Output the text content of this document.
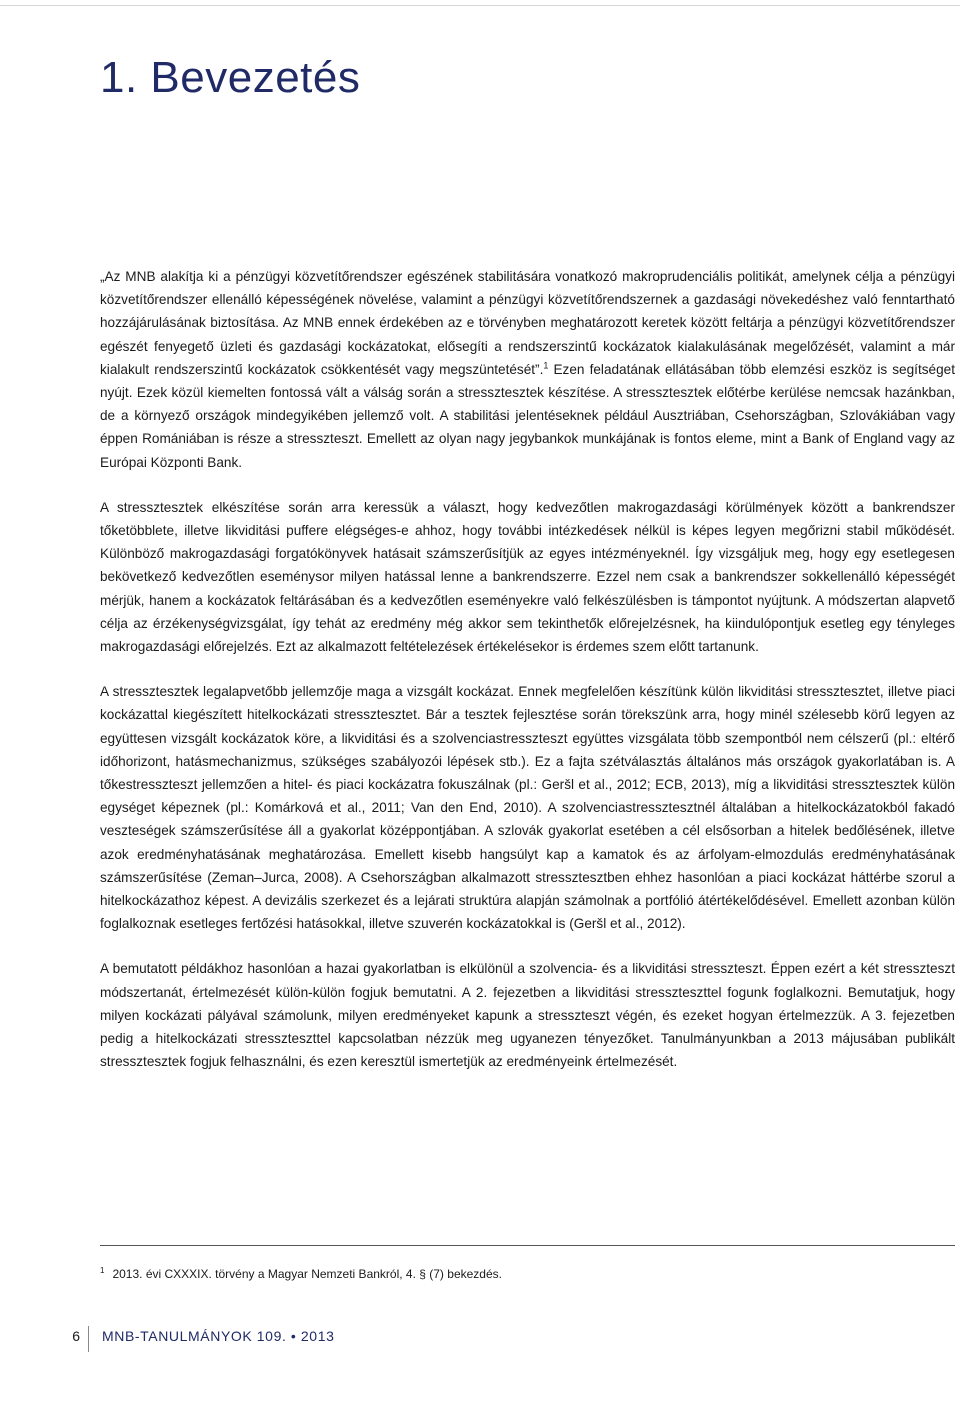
1. Bevezetés

„Az MNB alakítja ki a pénzügyi közvetítőrendszer egészének stabilitására vonatkozó makroprudenciális politikát, amelynek célja a pénzügyi közvetítőrendszer ellenálló képességének növelése, valamint a pénzügyi közvetítőrendszernek a gazdasági növekedéshez való fenntartható hozzájárulásának biztosítása. Az MNB ennek érdekében az e törvényben meghatározott keretek között feltárja a pénzügyi közvetítőrendszer egészét fenyegető üzleti és gazdasági kockázatokat, elősegíti a rendszerszintű kockázatok kialakulásának megelőzését, valamint a már kialakult rendszerszintű kockázatok csökkentését vagy megszüntetését”.$^1$ Ezen feladatának ellátásában több elemzési eszköz is segítséget nyújt. Ezek közül kiemelten fontossá vált a válság során a stressztesztek készítése. A stressztesztek előtérbe kerülése nemcsak hazánkban, de a környező országok mindegyikében jellemző volt. A stabilitási jelentéseknek például Ausztriában, Csehországban, Szlovákiában vagy éppen Romániában is része a stresszteszt. Emellett az olyan nagy jegybankok munkájának is fontos eleme, mint a Bank of England vagy az Európai Központi Bank.

A stressztesztek elkészítése során arra keressük a választ, hogy kedvezőtlen makrogazdasági körülmények között a bankrendszer tőketöbblete, illetve likviditási puffere elégséges-e ahhoz, hogy további intézkedések nélkül is képes legyen megőrizni stabil működését. Különböző makrogazdasági forgatókönyvek hatásait számszerűsítjük az egyes intézményeknél. Így vizsgáljuk meg, hogy egy esetlegesen bekövetkező kedvezőtlen eseménysor milyen hatással lenne a bankrendszerre. Ezzel nem csak a bankrendszer sokkellenálló képességét mérjük, hanem a kockázatok feltárásában és a kedvezőtlen eseményekre való felkészülésben is támpontot nyújtunk. A módszertan alapvető célja az érzékenységvizsgálat, így tehát az eredmény még akkor sem tekinthetők előrejelzésnek, ha kiindulópontjuk esetleg egy tényleges makrogazdasági előrejelzés. Ezt az alkalmazott feltételezések értékelésekor is érdemes szem előtt tartanunk.

A stressztesztek legalapvetőbb jellemzője maga a vizsgált kockázat. Ennek megfelelően készítünk külön likviditási stressztesztet, illetve piaci kockázattal kiegészített hitelkockázati stressztesztet. Bár a tesztek fejlesztése során törekszünk arra, hogy minél szélesebb körű legyen az együttesen vizsgált kockázatok köre, a likviditási és a szolvenciastresszteszt együttes vizsgálata több szempontból nem célszerű (pl.: eltérő időhorizont, hatásmechanizmus, szükséges szabályozói lépések stb.). Ez a fajta szétválasztás általános más országok gyakorlatában is. A tőkestresszteszt jellemzően a hitel- és piaci kockázatra fokuszálnak (pl.: Geršl et al., 2012; ECB, 2013), míg a likviditási stressztesztek külön egységet képeznek (pl.: Komárková et al., 2011; Van den End, 2010). A szolvenciastressztesztnél általában a hitelkockázatokból fakadó veszteségek számszerűsítése áll a gyakorlat középpontjában. A szlovák gyakorlat esetében a cél elsősorban a hitelek bedőlésének, illetve azok eredményhatásának meghatározása. Emellett kisebb hangsúlyt kap a kamatok és az árfolyam-elmozdulás eredményhatásának számszerűsítése (Zeman–Jurca, 2008). A Csehországban alkalmazott stressztesztben ehhez hasonlóan a piaci kockázat háttérbe szorul a hitelkockázathoz képest. A devizális szerkezet és a lejárati struktúra alapján számolnak a portfólió átértékelődésével. Emellett azonban külön foglalkoznak esetleges fertőzési hatásokkal, illetve szuverén kockázatokkal is (Geršl et al., 2012).

A bemutatott példákhoz hasonlóan a hazai gyakorlatban is elkülönül a szolvencia- és a likviditási stresszteszt. Éppen ezért a két stresszteszt módszertanát, értelmezését külön-külön fogjuk bemutatni. A 2. fejezetben a likviditási stresszteszttel fogunk foglalkozni. Bemutatjuk, hogy milyen kockázati pályával számolunk, milyen eredményeket kapunk a stresszteszt végén, és ezeket hogyan értelmezzük. A 3. fejezetben pedig a hitelkockázati stresszteszttel kapcsolatban nézzük meg ugyanezen tényezőket. Tanulmányunkban a 2013 májusában publikált stressztesztek fogjuk felhasználni, és ezen keresztül ismertetjük az eredményeink értelmezését.

$^1$ 2013. évi CXXXIX. törvény a Magyar Nemzeti Bankról, 4. § (7) bekezdés.
6 MNB-TANULMÁNYOK 109. • 2013
